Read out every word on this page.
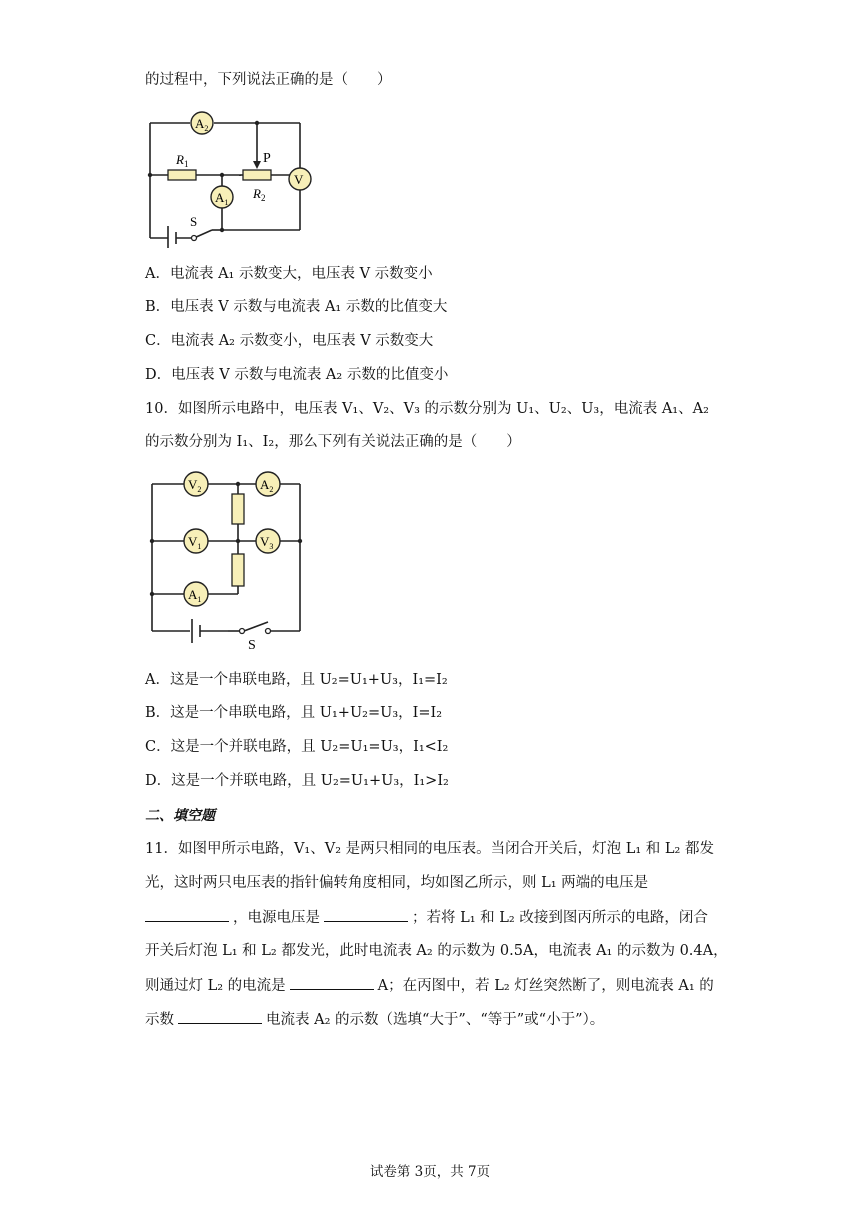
的过程中，下列说法正确的是（　　）
$A_2$
V
$A_1$
$R_1$
$R_2$
P
S
A．电流表 A₁ 示数变大，电压表 V 示数变小
B．电压表 V 示数与电流表 A₁ 示数的比值变大
C．电流表 A₂ 示数变小，电压表 V 示数变大
D．电压表 V 示数与电流表 A₂ 示数的比值变小
10．如图所示电路中，电压表 V₁、V₂、V₃ 的示数分别为 U₁、U₂、U₃，电流表 A₁、A₂
的示数分别为 I₁、I₂，那么下列有关说法正确的是（　　）
$V_2$	$A_2$
$V_1$	$V_3$
$A_1$
S
A．这是一个串联电路，且 U₂=U₁+U₃，I₁=I₂
B．这是一个串联电路，且 U₁+U₂=U₃，I=I₂
C．这是一个并联电路，且 U₂=U₁=U₃，I₁<I₂
D．这是一个并联电路，且 U₂=U₁+U₃，I₁>I₂
二、填空题
11．如图甲所示电路，V₁、V₂ 是两只相同的电压表。当闭合开关后，灯泡 L₁ 和 L₂ 都发
光，这时两只电压表的指针偏转角度相同，均如图乙所示，则 L₁ 两端的电压是
，电源电压是	；若将 L₁ 和 L₂ 改接到图丙所示的电路，闭合
开关后灯泡 L₁ 和 L₂ 都发光，此时电流表 A₂ 的示数为 0.5A，电流表 A₁ 的示数为 0.4A，
则通过灯 L₂ 的电流是	A；在丙图中，若 L₂ 灯丝突然断了，则电流表 A₁ 的
示数	电流表 A₂ 的示数（选填“大于”、“等于”或“小于”）。
试卷第 3页，共 7页
